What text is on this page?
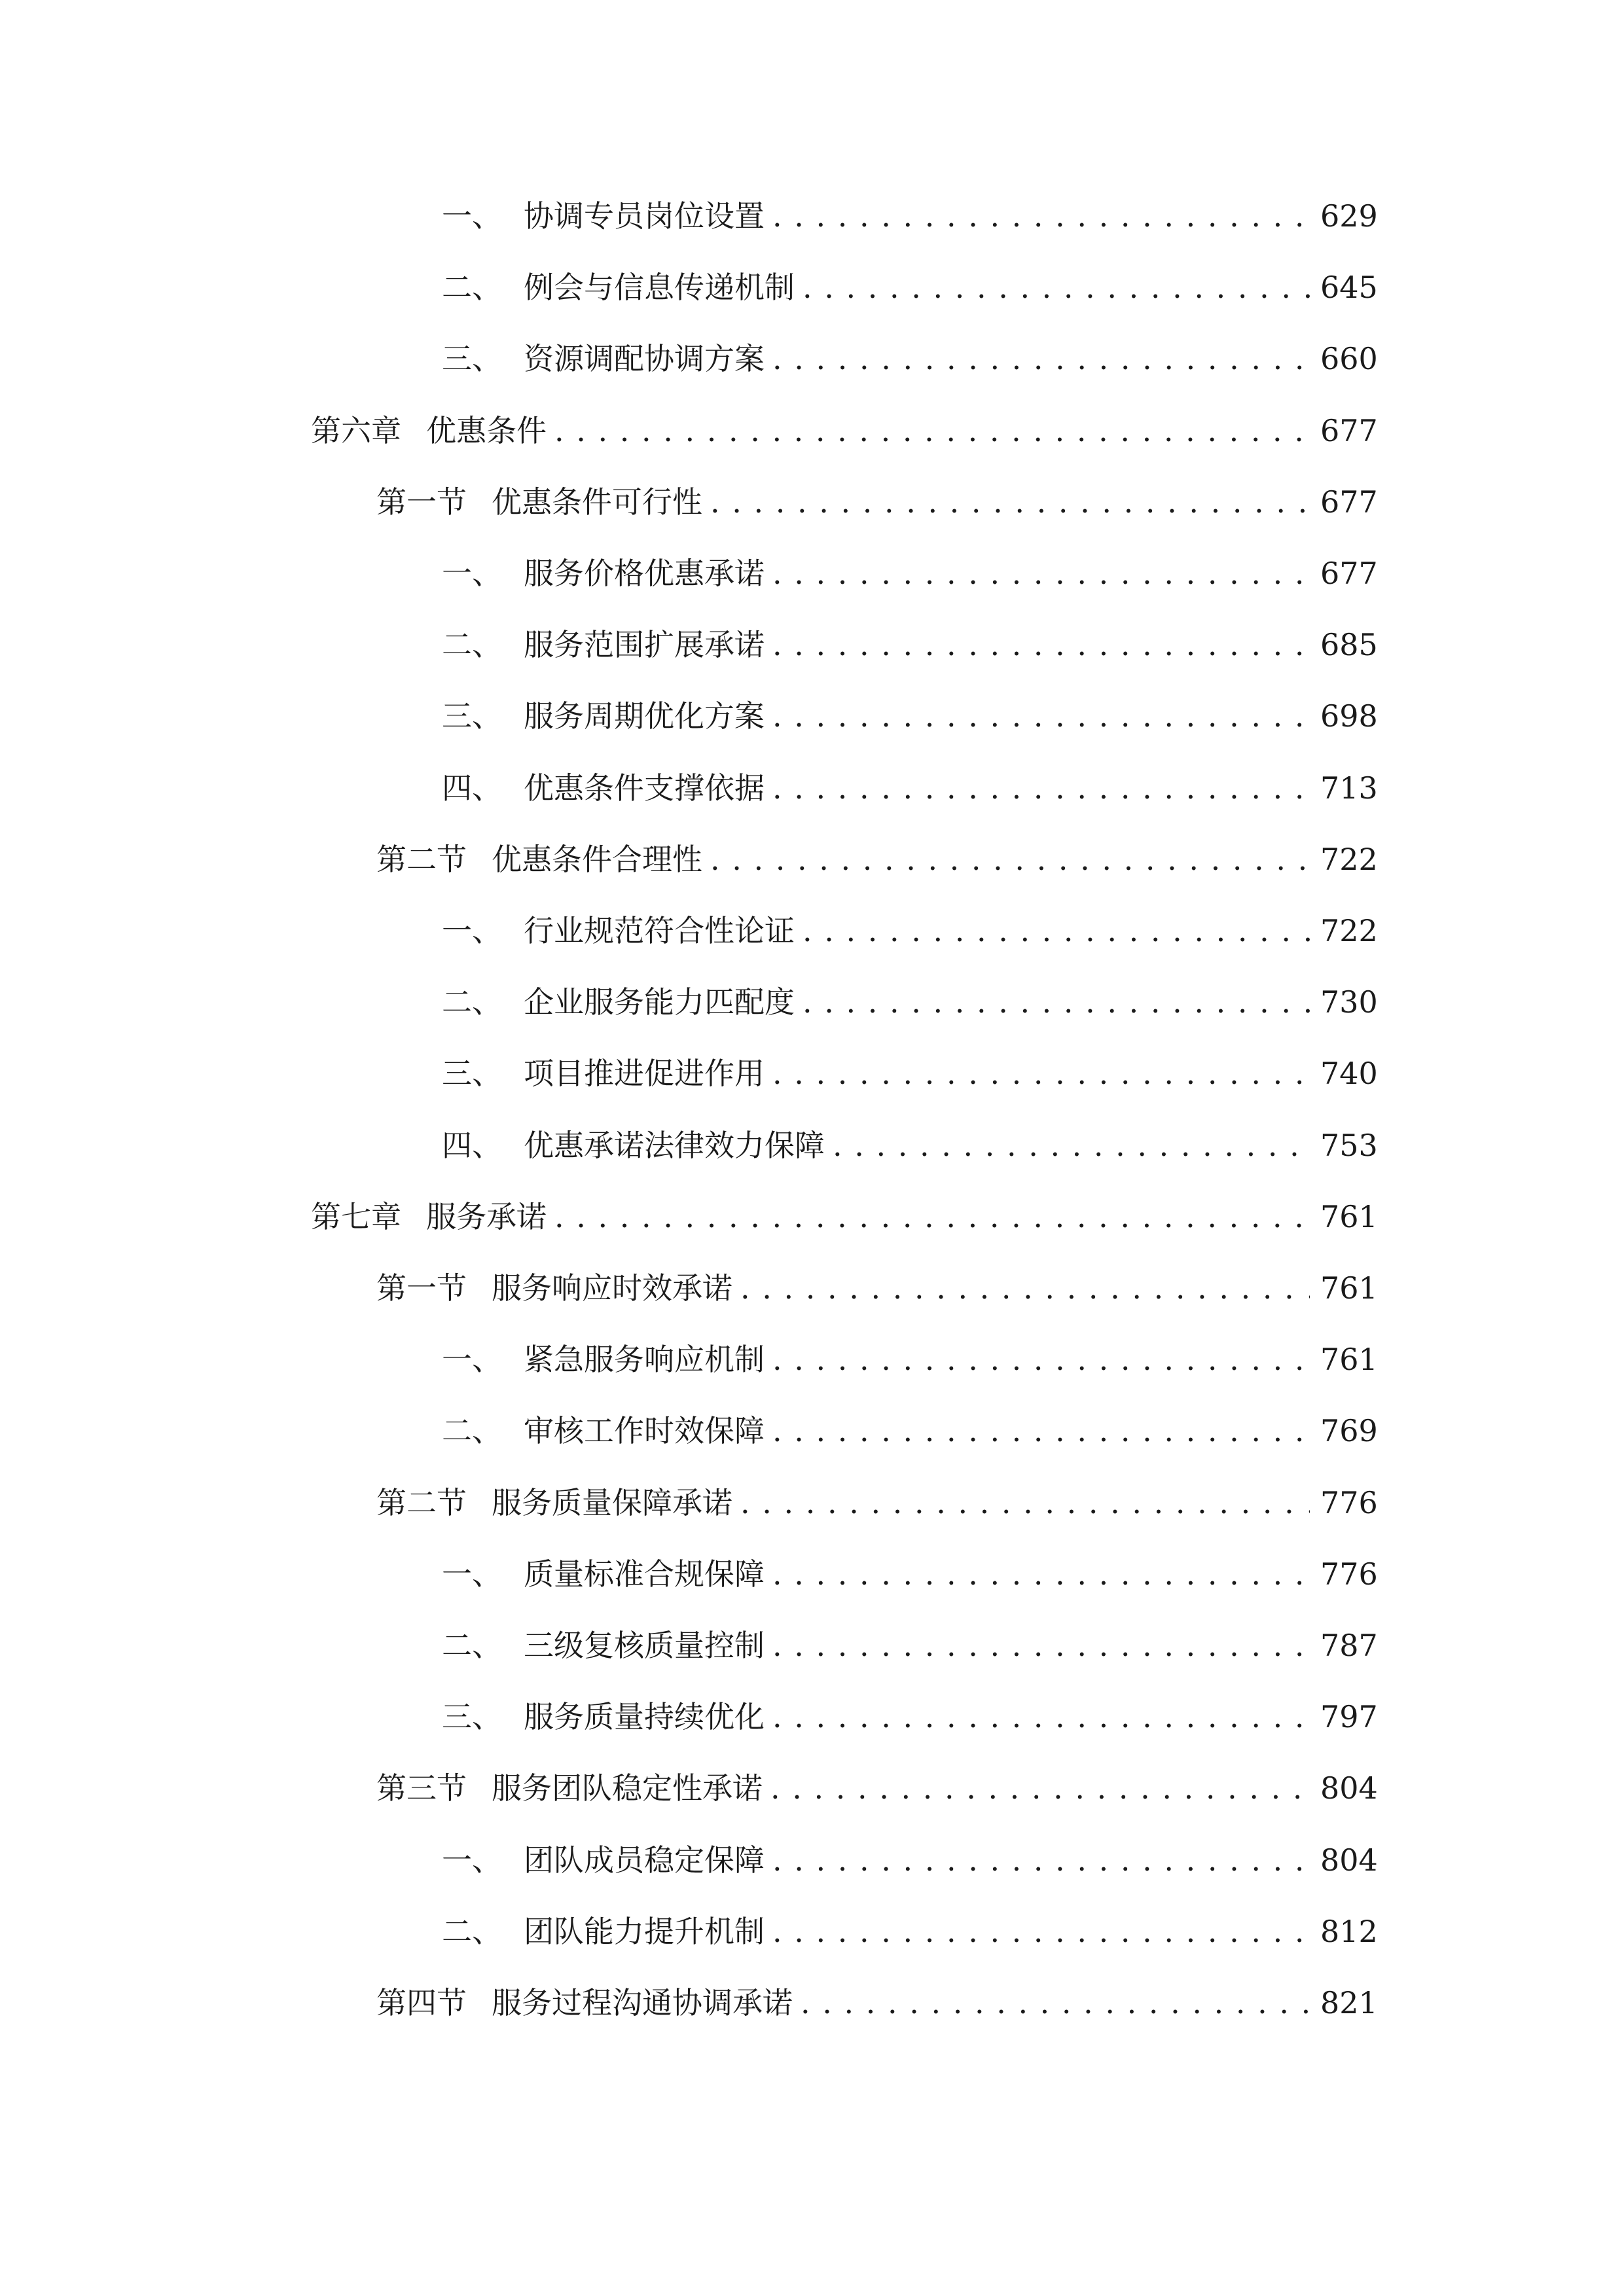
一、 协调专员岗位设置 . . .	629
二、 例会与信息传递机制 . . .	645
三、 资源调配协调方案 . . .	660
第六章 优惠条件 . . .	677
第一节 优惠条件可行性 . . .	677
一、 服务价格优惠承诺 . . .	677
二、 服务范围扩展承诺 . . .	685
三、 服务周期优化方案 . . .	698
四、 优惠条件支撑依据 . . .	713
第二节 优惠条件合理性 . . .	722
一、 行业规范符合性论证 . . .	722
二、 企业服务能力匹配度 . . .	730
三、 项目推进促进作用 . . .	740
四、 优惠承诺法律效力保障 . . .	753
第七章 服务承诺 . . .	761
第一节 服务响应时效承诺 . . .	761
一、 紧急服务响应机制 . . .	761
二、 审核工作时效保障 . . .	769
第二节 服务质量保障承诺 . . .	776
一、 质量标准合规保障 . . .	776
二、 三级复核质量控制 . . .	787
三、 服务质量持续优化 . . .	797
第三节 服务团队稳定性承诺 . . .	804
一、 团队成员稳定保障 . . .	804
二、 团队能力提升机制 . . .	812
第四节 服务过程沟通协调承诺 . . .	821
